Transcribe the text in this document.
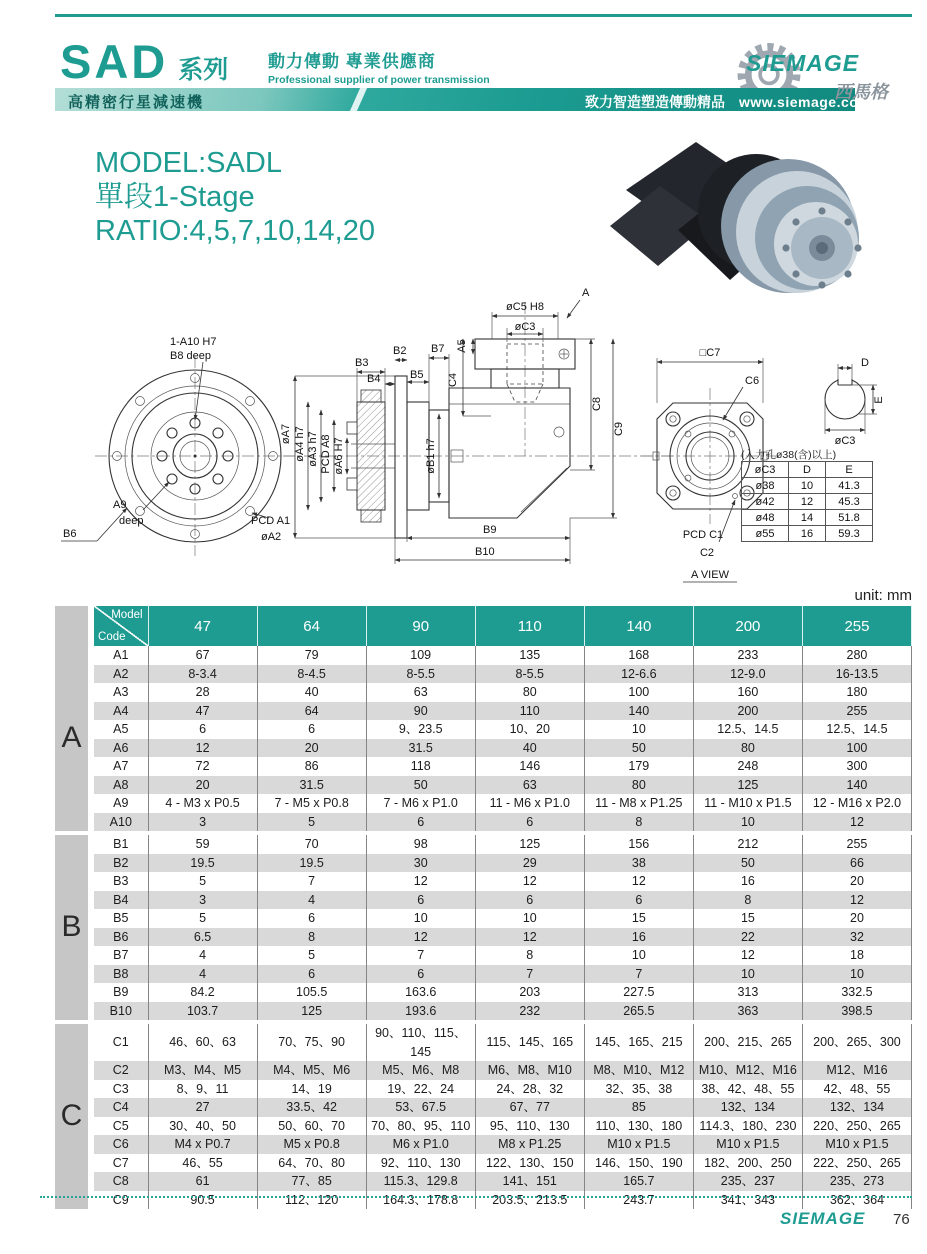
SAD 系列 動力傳動 專業供應商
Professional supplier of power transmission
SIEMAGE
西馬格
高精密行星減速機	致力智造塑造傳動精品 www.siemage.com
MODEL:SADL
單段1-Stage
RATIO:4,5,7,10,14,20
1-A10 H7
B8 deep
A9
deep
B6
PCD A1
øA2
øA7 øA4 h7 øA3 h7 PCD A8 øA6 H7	øB1 h7
A
øC5 H8
øC3
A5
C4
C8
C9
B3
B2 B7
B4	B5
B9
B10
□C7
C6
PCD C1
C2
A VIEW
D
E
øC3
(入力孔ø38(含)以上)
øC3	D	E
ø38	10	41.3
ø42	12	45.3
ø48	14	51.8
ø55	16	59.3
unit: mm

	Model
Code	47	64	90	110	140	200	255
A	A1	67	79	109	135	168	233	280
	A2	8-3.4	8-4.5	8-5.5	8-5.5	12-6.6	12-9.0	16-13.5
	A3	28	40	63	80	100	160	180
	A4	47	64	90	110	140	200	255
	A5	6	6	9、23.5	10、20	10	12.5、14.5	12.5、14.5
	A6	12	20	31.5	40	50	80	100
	A7	72	86	118	146	179	248	300
	A8	20	31.5	50	63	80	125	140
	A9	4 - M3 x P0.5	7 - M5 x P0.8	7 - M6 x P1.0	11 - M6 x P1.0	11 - M8 x P1.25	11 - M10 x P1.5	12 - M16 x P2.0
	A10	3	5	6	6	8	10	12

B	B1	59	70	98	125	156	212	255
	B2	19.5	19.5	30	29	38	50	66
	B3	5	7	12	12	12	16	20
	B4	3	4	6	6	6	8	12
	B5	5	6	10	10	15	15	20
	B6	6.5	8	12	12	16	22	32
	B7	4	5	7	8	10	12	18
	B8	4	6	6	7	7	10	10
	B9	84.2	105.5	163.6	203	227.5	313	332.5
	B10	103.7	125	193.6	232	265.5	363	398.5

C	C1	46、60、63	70、75、90	90、110、115、145	115、145、165	145、165、215	200、215、265	200、265、300
	C2	M3、M4、M5	M4、M5、M6	M5、M6、M8	M6、M8、M10	M8、M10、M12	M10、M12、M16	M12、M16
	C3	8、9、11	14、19	19、22、24	24、28、32	32、35、38	38、42、48、55	42、48、55
	C4	27	33.5、42	53、67.5	67、77	85	132、134	132、134
	C5	30、40、50	50、60、70	70、80、95、110	95、110、130	110、130、180	114.3、180、230	220、250、265
	C6	M4 x P0.7	M5 x P0.8	M6 x P1.0	M8 x P1.25	M10 x P1.5	M10 x P1.5	M10 x P1.5
	C7	46、55	64、70、80	92、110、130	122、130、150	146、150、190	182、200、250	222、250、265
	C8	61	77、85	115.3、129.8	141、151	165.7	235、237	235、273
	C9	90.5	112、120	164.3、178.8	203.5、213.5	243.7	341、343	362、364
SIEMAGE 76
